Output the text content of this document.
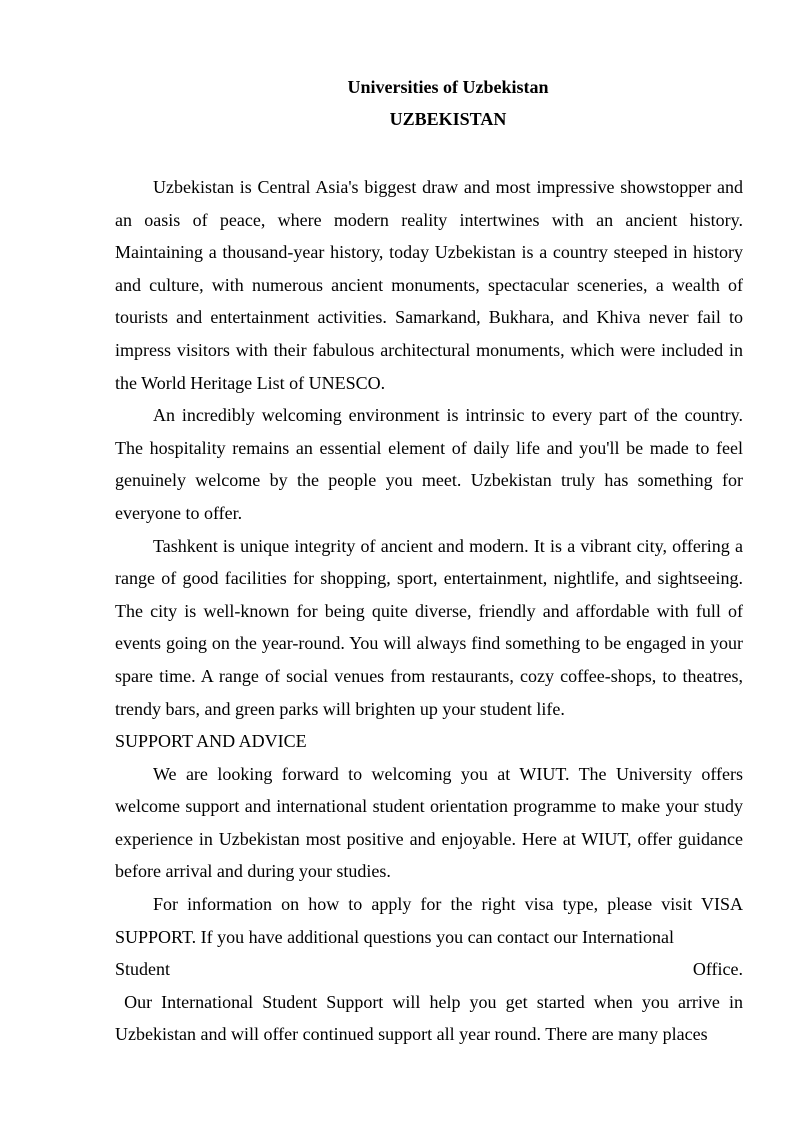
Universities of Uzbekistan
UZBEKISTAN

Uzbekistan is Central Asia's biggest draw and most impressive showstopper and an oasis of peace, where modern reality intertwines with an ancient history. Maintaining a thousand-year history, today Uzbekistan is a country steeped in history and culture, with numerous ancient monuments, spectacular sceneries, a wealth of tourists and entertainment activities. Samarkand, Bukhara, and Khiva never fail to impress visitors with their fabulous architectural monuments, which were included in the World Heritage List of UNESCO.

An incredibly welcoming environment is intrinsic to every part of the country. The hospitality remains an essential element of daily life and you'll be made to feel genuinely welcome by the people you meet. Uzbekistan truly has something for everyone to offer.

Tashkent is unique integrity of ancient and modern. It is a vibrant city, offering a range of good facilities for shopping, sport, entertainment, nightlife, and sightseeing. The city is well-known for being quite diverse, friendly and affordable with full of events going on the year-round. You will always find something to be engaged in your spare time. A range of social venues from restaurants, cozy coffee-shops, to theatres, trendy bars, and green parks will brighten up your student life.

SUPPORT AND ADVICE

We are looking forward to welcoming you at WIUT. The University offers welcome support and international student orientation programme to make your study experience in Uzbekistan most positive and enjoyable. Here at WIUT, offer guidance before arrival and during your studies.

For information on how to apply for the right visa type, please visit VISA SUPPORT. If you have additional questions you can contact our International

Student	Office.

Our International Student Support will help you get started when you arrive in Uzbekistan and will offer continued support all year round. There are many places
